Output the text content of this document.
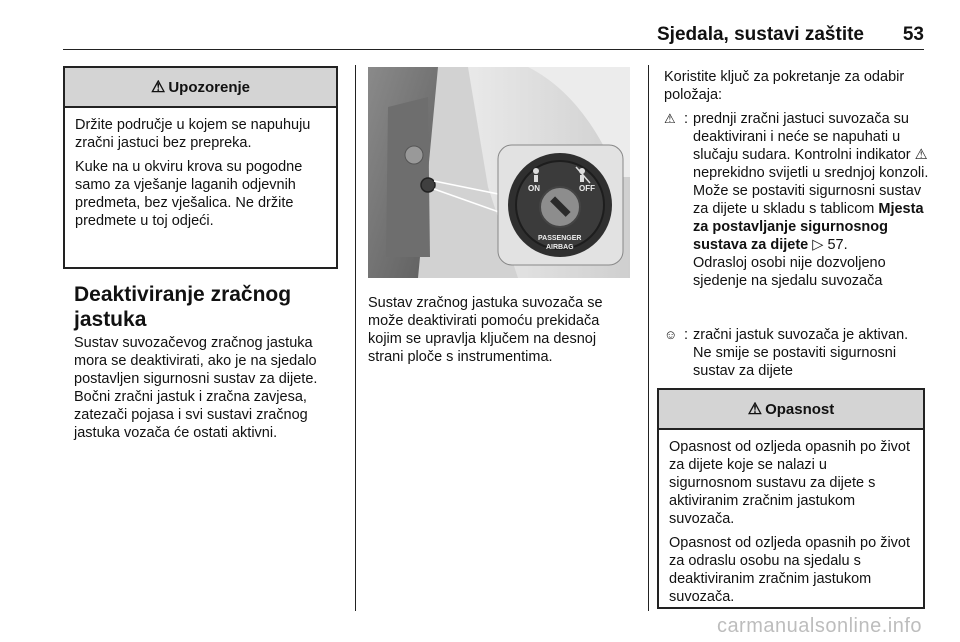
Sjedala, sustavi zaštite 53
⚠ Upozorenje

Držite područje u kojem se napuhuju zračni jastuci bez prepreka.

Kuke na u okviru krova su pogodne samo za vješanje laganih odjevnih predmeta, bez vješalica. Ne držite predmete u toj odjeći.

Deaktiviranje zračnog jastuka
Sustav suvozačevog zračnog jastuka mora se deaktivirati, ako je na sjedalo postavljen sigurnosni sustav za dijete. Bočni zračni jastuk i zračna zavjesa, zatezači pojasa i svi sustavi zračnog jastuka vozača će ostati aktivni.
ON	OFF
PASSENGER
AIRBAG
Sustav zračnog jastuka suvozača se može deaktivirati pomoću prekidača kojim se upravlja ključem na desnoj strani ploče s instrumentima.
Koristite ključ za pokretanje za odabir položaja:
⚠ : prednji zračni jastuci suvozača su deaktivirani i neće se napuhati u slučaju sudara. Kontrolni indikator ⚠ neprekidno svijetli u srednjoj konzoli. Može se postaviti sigurnosni sustav za dijete u skladu s tablicom Mjesta za postavljanje sigurnosnog sustava za dijete ▷ 57.
Odrasloj osobi nije dozvoljeno sjedenje na sjedalu suvozača
☺ : zračni jastuk suvozača je aktivan. Ne smije se postaviti sigurnosni sustav za dijete
⚠ Opasnost

Opasnost od ozljeda opasnih po život za dijete koje se nalazi u sigurnosnom sustavu za dijete s aktiviranim zračnim jastukom suvozača.

Opasnost od ozljeda opasnih po život za odraslu osobu na sjedalu s deaktiviranim zračnim jastukom suvozača.

carmanualsonline.info
